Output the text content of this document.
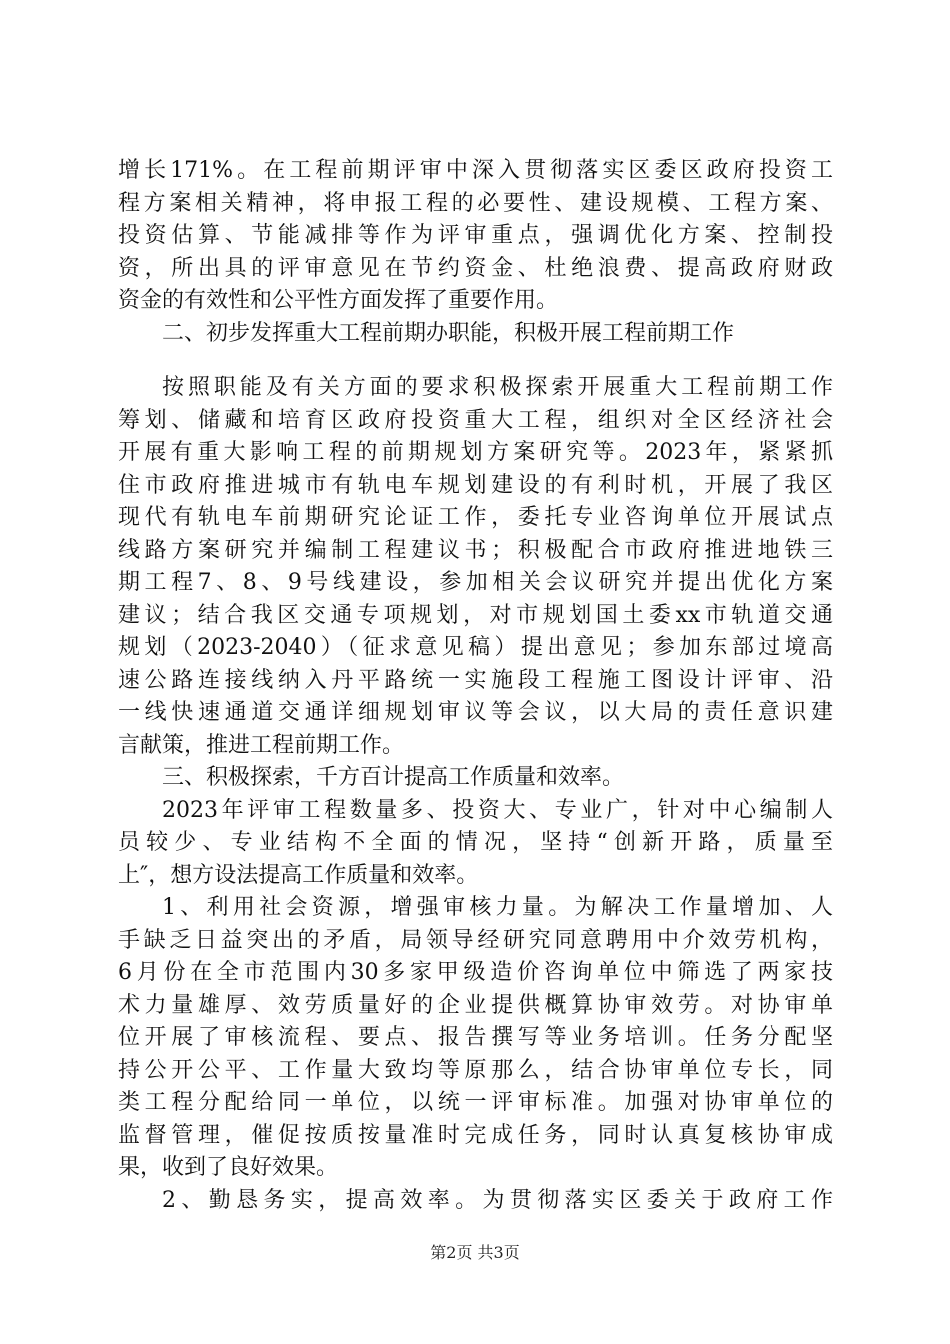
增长171%。在工程前期评审中深入贯彻落实区委区政府投资工
程方案相关精神，将申报工程的必要性、建设规模、工程方案、
投资估算、节能减排等作为评审重点，强调优化方案、控制投
资，所出具的评审意见在节约资金、杜绝浪费、提高政府财政
资金的有效性和公平性方面发挥了重要作用。
二、初步发挥重大工程前期办职能，积极开展工程前期工作
按照职能及有关方面的要求积极探索开展重大工程前期工作
筹划、储藏和培育区政府投资重大工程，组织对全区经济社会
开展有重大影响工程的前期规划方案研究等。2023年，紧紧抓
住市政府推进城市有轨电车规划建设的有利时机，开展了我区
现代有轨电车前期研究论证工作，委托专业咨询单位开展试点
线路方案研究并编制工程建议书；积极配合市政府推进地铁三
期工程7、8、9号线建设，参加相关会议研究并提出优化方案
建议；结合我区交通专项规划，对市规划国土委xx市轨道交通
规划（2023-2040）（征求意见稿）提出意见；参加东部过境高
速公路连接线纳入丹平路统一实施段工程施工图设计评审、沿
一线快速通道交通详细规划审议等会议，以大局的责任意识建
言献策，推进工程前期工作。
三、积极探索，千方百计提高工作质量和效率。
2023年评审工程数量多、投资大、专业广，针对中心编制人
员较少、专业结构不全面的情况，坚持“创新开路，质量至
上″，想方设法提高工作质量和效率。
1、利用社会资源，增强审核力量。为解决工作量增加、人
手缺乏日益突出的矛盾，局领导经研究同意聘用中介效劳机构，
6月份在全市范围内30多家甲级造价咨询单位中筛选了两家技
术力量雄厚、效劳质量好的企业提供概算协审效劳。对协审单
位开展了审核流程、要点、报告撰写等业务培训。任务分配坚
持公开公平、工作量大致均等原那么，结合协审单位专长，同
类工程分配给同一单位，以统一评审标准。加强对协审单位的
监督管理，催促按质按量准时完成任务，同时认真复核协审成
果，收到了良好效果。
2、勤恳务实，提高效率。为贯彻落实区委关于政府工作
第2页 共3页
